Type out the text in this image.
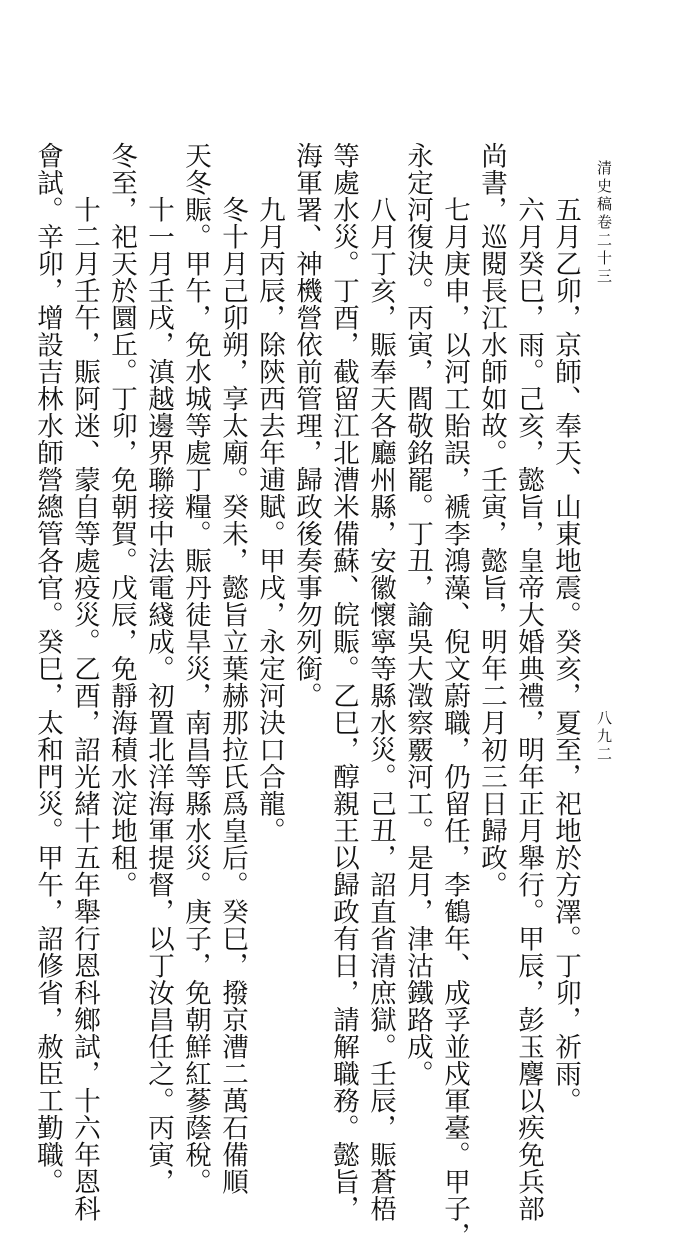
清史稿卷二十三
八九二
五月乙卯，京師、奉天、山東地震。癸亥，夏至，祀地於方澤。丁卯，祈雨。
六月癸巳，雨。己亥，懿旨，皇帝大婚典禮，明年正月舉行。甲辰，彭玉麐以疾免兵部
尚書，巡閱長江水師如故。壬寅，懿旨，明年二月初三日歸政。
七月庚申，以河工貽誤，褫李鴻藻、倪文蔚職，仍留任，李鶴年、成孚並戍軍臺。甲子，
永定河復決。丙寅，閻敬銘罷。丁丑，諭吳大澂察覈河工。是月，津沽鐵路成。
八月丁亥，賑奉天各廳州縣，安徽懷寧等縣水災。己丑，詔直省清庶獄。壬辰，賑蒼梧
等處水災。丁酉，截留江北漕米備蘇、皖賑。乙巳，醇親王以歸政有日，請解職務。懿旨，
海軍署、神機營依前管理，歸政後奏事勿列銜。
九月丙辰，除陝西去年逋賦。甲戌，永定河決口合龍。
冬十月己卯朔，享太廟。癸未，懿旨立葉赫那拉氏爲皇后。癸巳，撥京漕二萬石備順
天冬賑。甲午，免水城等處丁糧。賑丹徒旱災，南昌等縣水災。庚子，免朝鮮紅蔘蔭稅。
十一月壬戌，滇越邊界聯接中法電綫成。初置北洋海軍提督，以丁汝昌任之。丙寅，
冬至，祀天於圜丘。丁卯，免朝賀。戊辰，免靜海積水淀地租。
十二月壬午，賑阿迷、蒙自等處疫災。乙酉，詔光緒十五年舉行恩科鄉試，十六年恩科
會試。辛卯，增設吉林水師營總管各官。癸巳，太和門災。甲午，詔修省，赦臣工勤職。
